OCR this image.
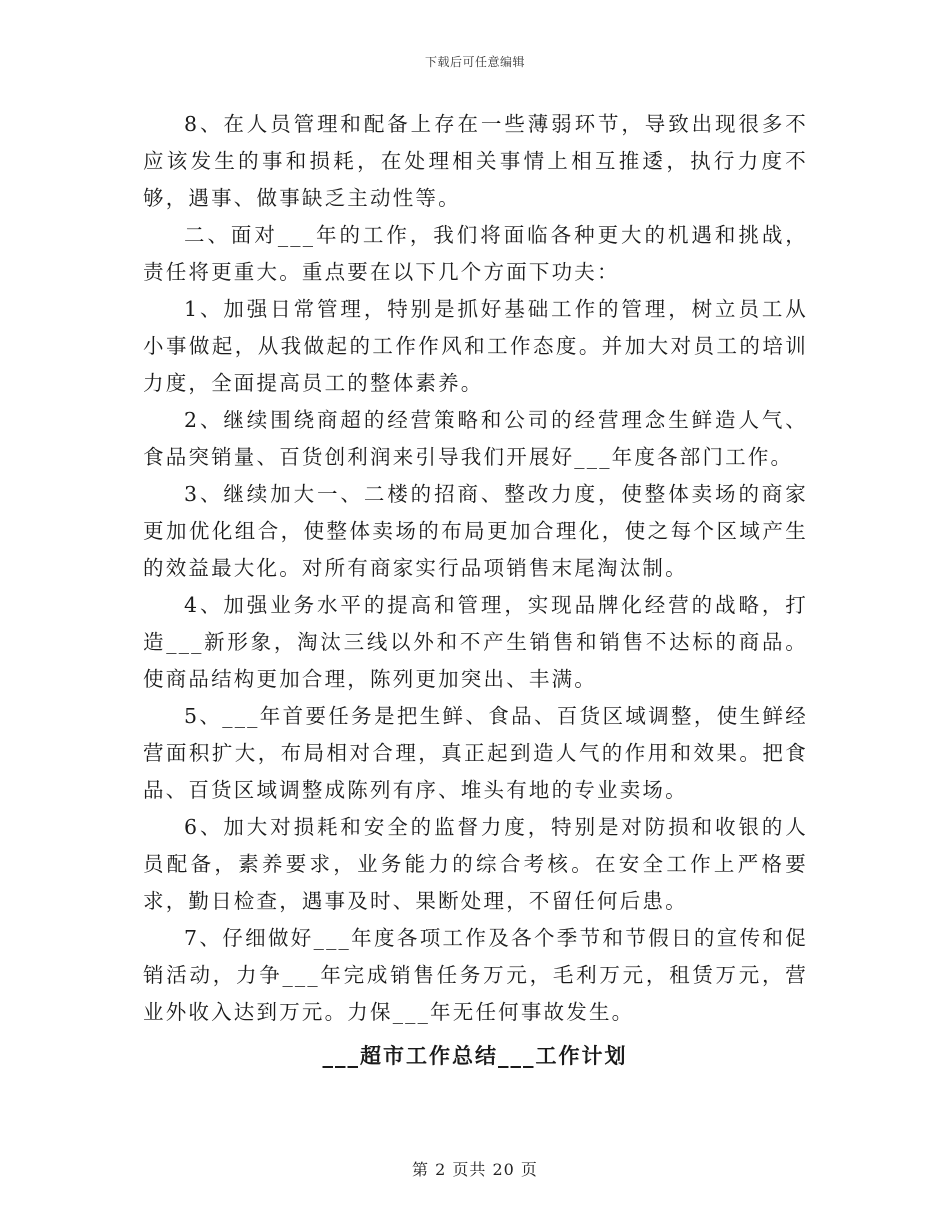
下载后可任意编辑

8、在人员管理和配备上存在一些薄弱环节，导致出现很多不应该发生的事和损耗，在处理相关事情上相互推逶，执行力度不够，遇事、做事缺乏主动性等。

二、面对___年的工作，我们将面临各种更大的机遇和挑战，责任将更重大。重点要在以下几个方面下功夫：

1、加强日常管理，特别是抓好基础工作的管理，树立员工从小事做起，从我做起的工作作风和工作态度。并加大对员工的培训力度，全面提高员工的整体素养。

2、继续围绕商超的经营策略和公司的经营理念生鲜造人气、食品突销量、百货创利润来引导我们开展好___年度各部门工作。

3、继续加大一、二楼的招商、整改力度，使整体卖场的商家更加优化组合，使整体卖场的布局更加合理化，使之每个区域产生的效益最大化。对所有商家实行品项销售末尾淘汰制。

4、加强业务水平的提高和管理，实现品牌化经营的战略，打造___新形象，淘汰三线以外和不产生销售和销售不达标的商品。使商品结构更加合理，陈列更加突出、丰满。

5、___年首要任务是把生鲜、食品、百货区域调整，使生鲜经营面积扩大，布局相对合理，真正起到造人气的作用和效果。把食品、百货区域调整成陈列有序、堆头有地的专业卖场。

6、加大对损耗和安全的监督力度，特别是对防损和收银的人员配备，素养要求，业务能力的综合考核。在安全工作上严格要求，勤日检查，遇事及时、果断处理，不留任何后患。

7、仔细做好___年度各项工作及各个季节和节假日的宣传和促销活动，力争___年完成销售任务万元，毛利万元，租赁万元，营业外收入达到万元。力保___年无任何事故发生。

___超市工作总结___工作计划
第 2 页共 20 页
